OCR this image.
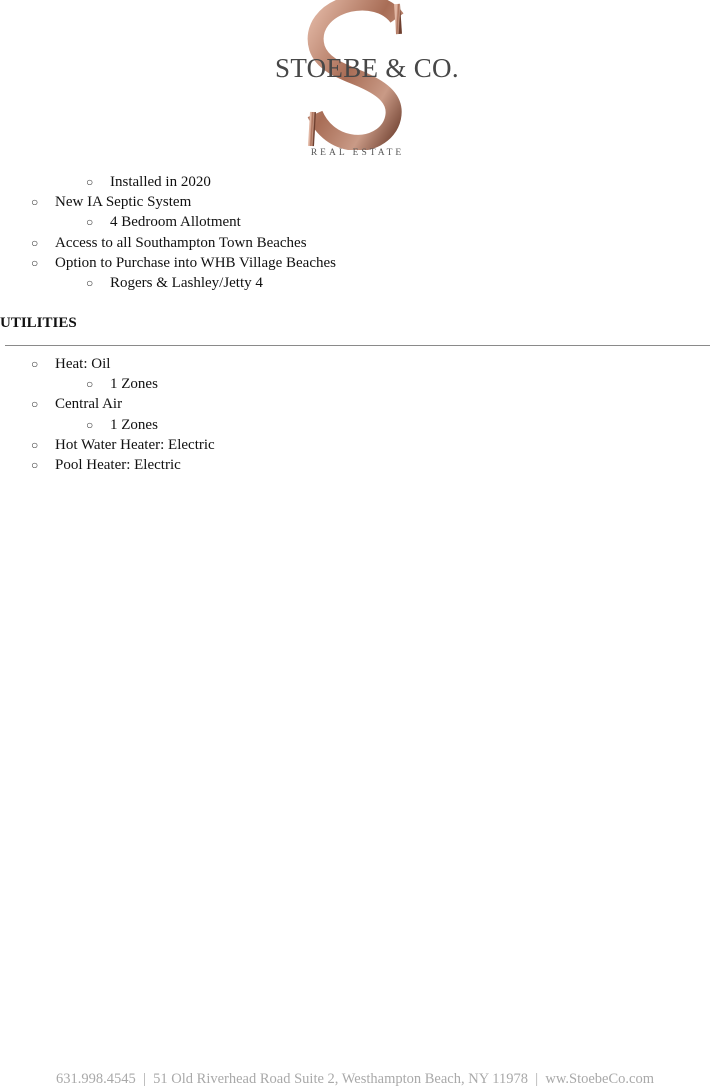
STOEBE & CO.
REAL ESTATE
○ Installed in 2020
○ New IA Septic System
○ 4 Bedroom Allotment
○ Access to all Southampton Town Beaches
○ Option to Purchase into WHB Village Beaches
○ Rogers & Lashley/Jetty 4
UTILITIES
○ Heat: Oil
○ 1 Zones
○ Central Air
○ 1 Zones
○ Hot Water Heater: Electric
○ Pool Heater: Electric
631.998.4545  |  51 Old Riverhead Road Suite 2, Westhampton Beach, NY 11978  |  ww.StoebeCo.com
